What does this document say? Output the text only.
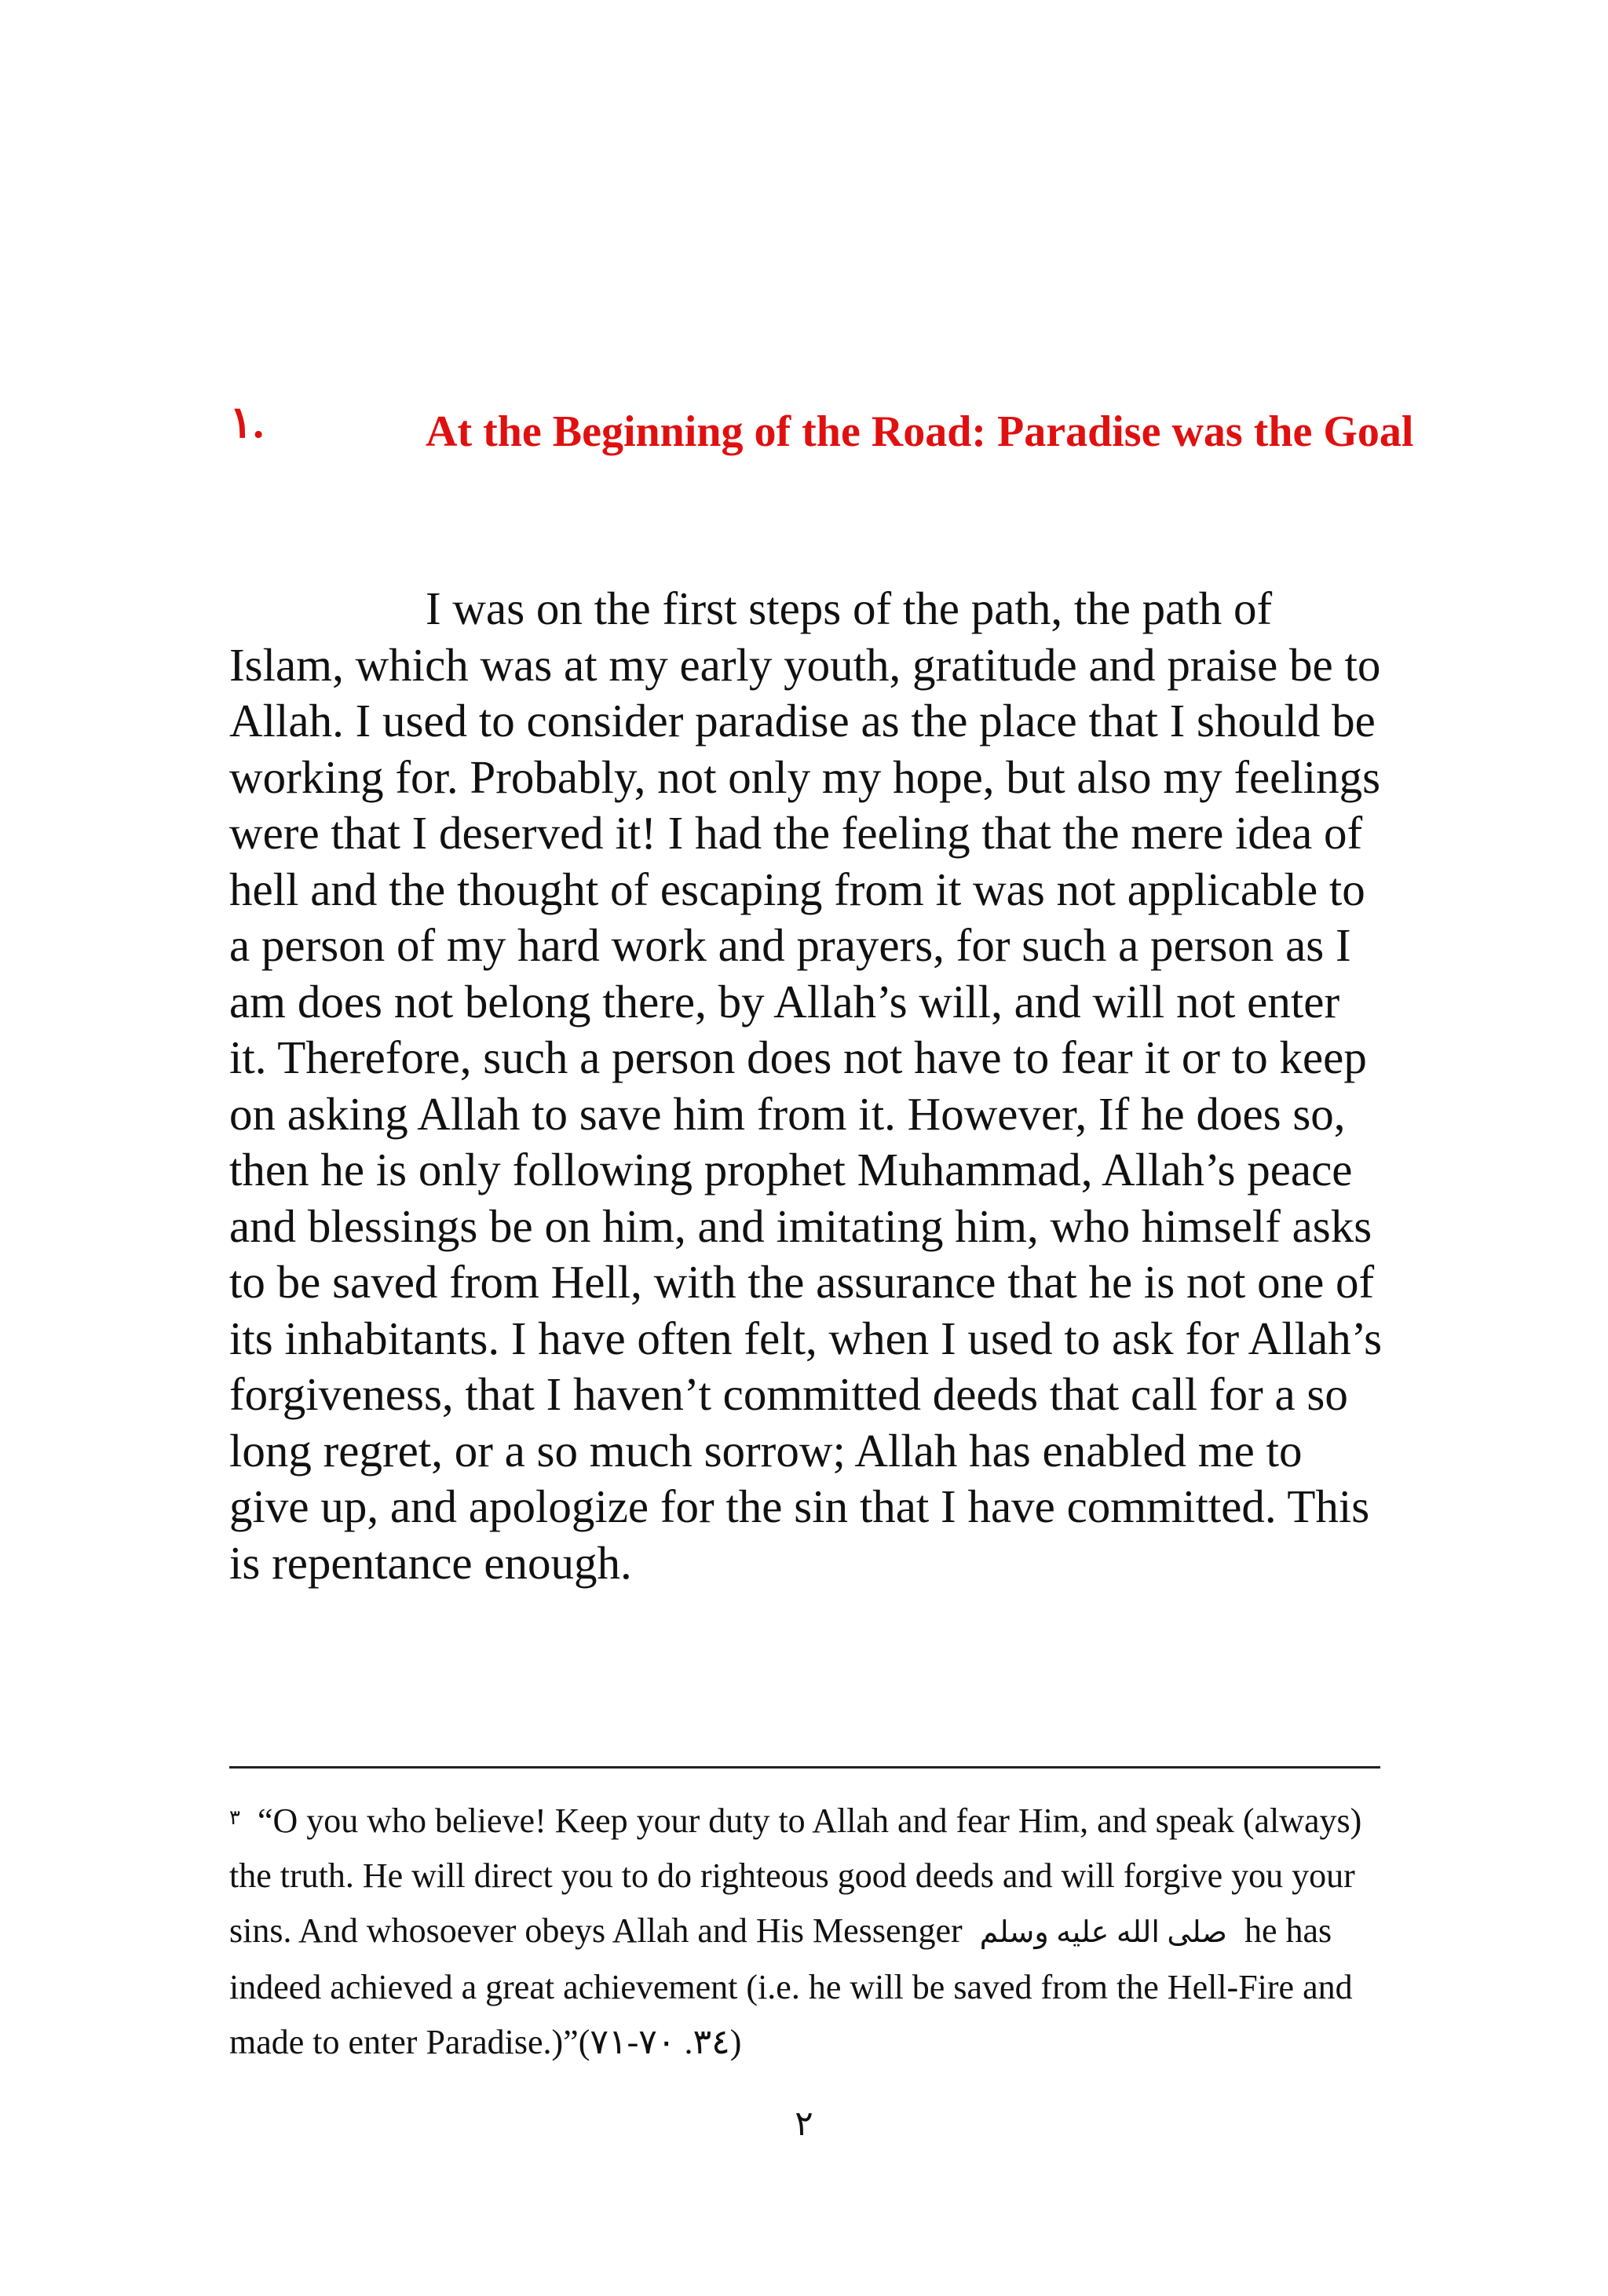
١.	At the Beginning of the Road: Paradise was the Goal

I was on the first steps of the path, the path of Islam, which was at my early youth, gratitude and praise be to Allah. I used to consider paradise as the place that I should be working for. Probably, not only my hope, but also my feelings were that I deserved it! I had the feeling that the mere idea of hell and the thought of escaping from it was not applicable to a person of my hard work and prayers, for such a person as I am does not belong there, by Allah’s will, and will not enter it. Therefore, such a person does not have to fear it or to keep on asking Allah to save him from it. However, If he does so, then he is only following prophet Muhammad, Allah’s peace and blessings be on him, and imitating him, who himself asks to be saved from Hell, with the assurance that he is not one of its inhabitants. I have often felt, when I used to ask for Allah’s forgiveness, that I haven’t committed deeds that call for a so long regret, or a so much sorrow; Allah has enabled me to give up, and apologize for the sin that I have committed. This is repentance enough.

$^٣$ “O you who believe! Keep your duty to Allah and fear Him, and speak (always) the truth. He will direct you to do righteous good deeds and will forgive you your sins. And whosoever obeys Allah and His Messenger صلى الله عليه وسلم he has indeed achieved a great achievement (i.e. he will be saved from the Hell-Fire and made to enter Paradise.)”(٣٤. ٧٠-٧١)

٢
